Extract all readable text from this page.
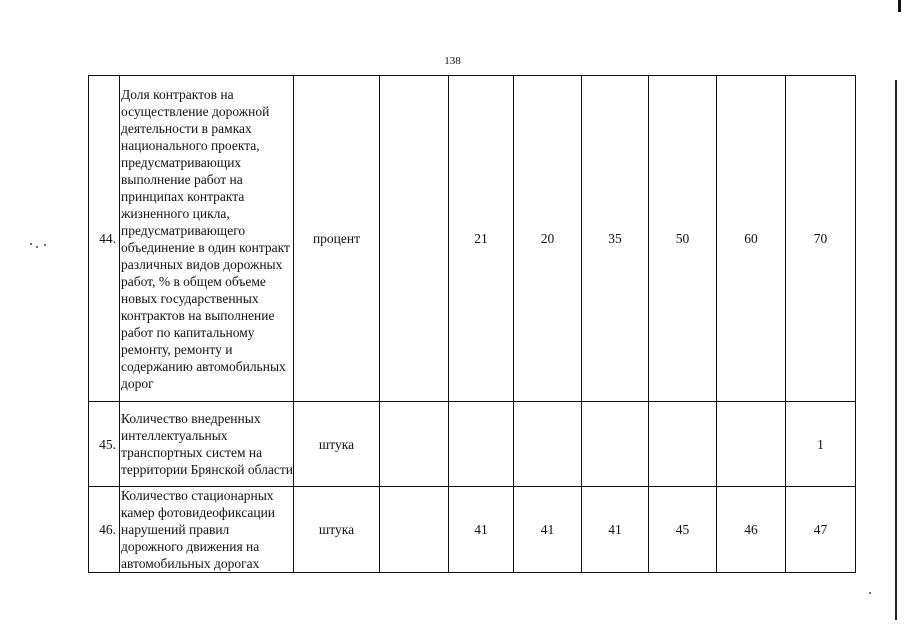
138
44.	Доля контрактов на осуществление дорожной деятельности в рамках национального проекта, предусматривающих выполнение работ на принципах контракта жизненного цикла, предусматривающего объединение в один контракт различных видов дорожных работ, % в общем объеме новых государственных контрактов на выполнение работ по капитальному ремонту, ремонту и содержанию автомобильных дорог	процент		21	20	35	50	60	70
45.	Количество внедренных интеллектуальных транспортных систем на территории Брянской области	штука							1
46.	Количество стационарных камер фотовидеофиксации нарушений правил дорожного движения на автомобильных дорогах	штука		41	41	41	45	46	47
